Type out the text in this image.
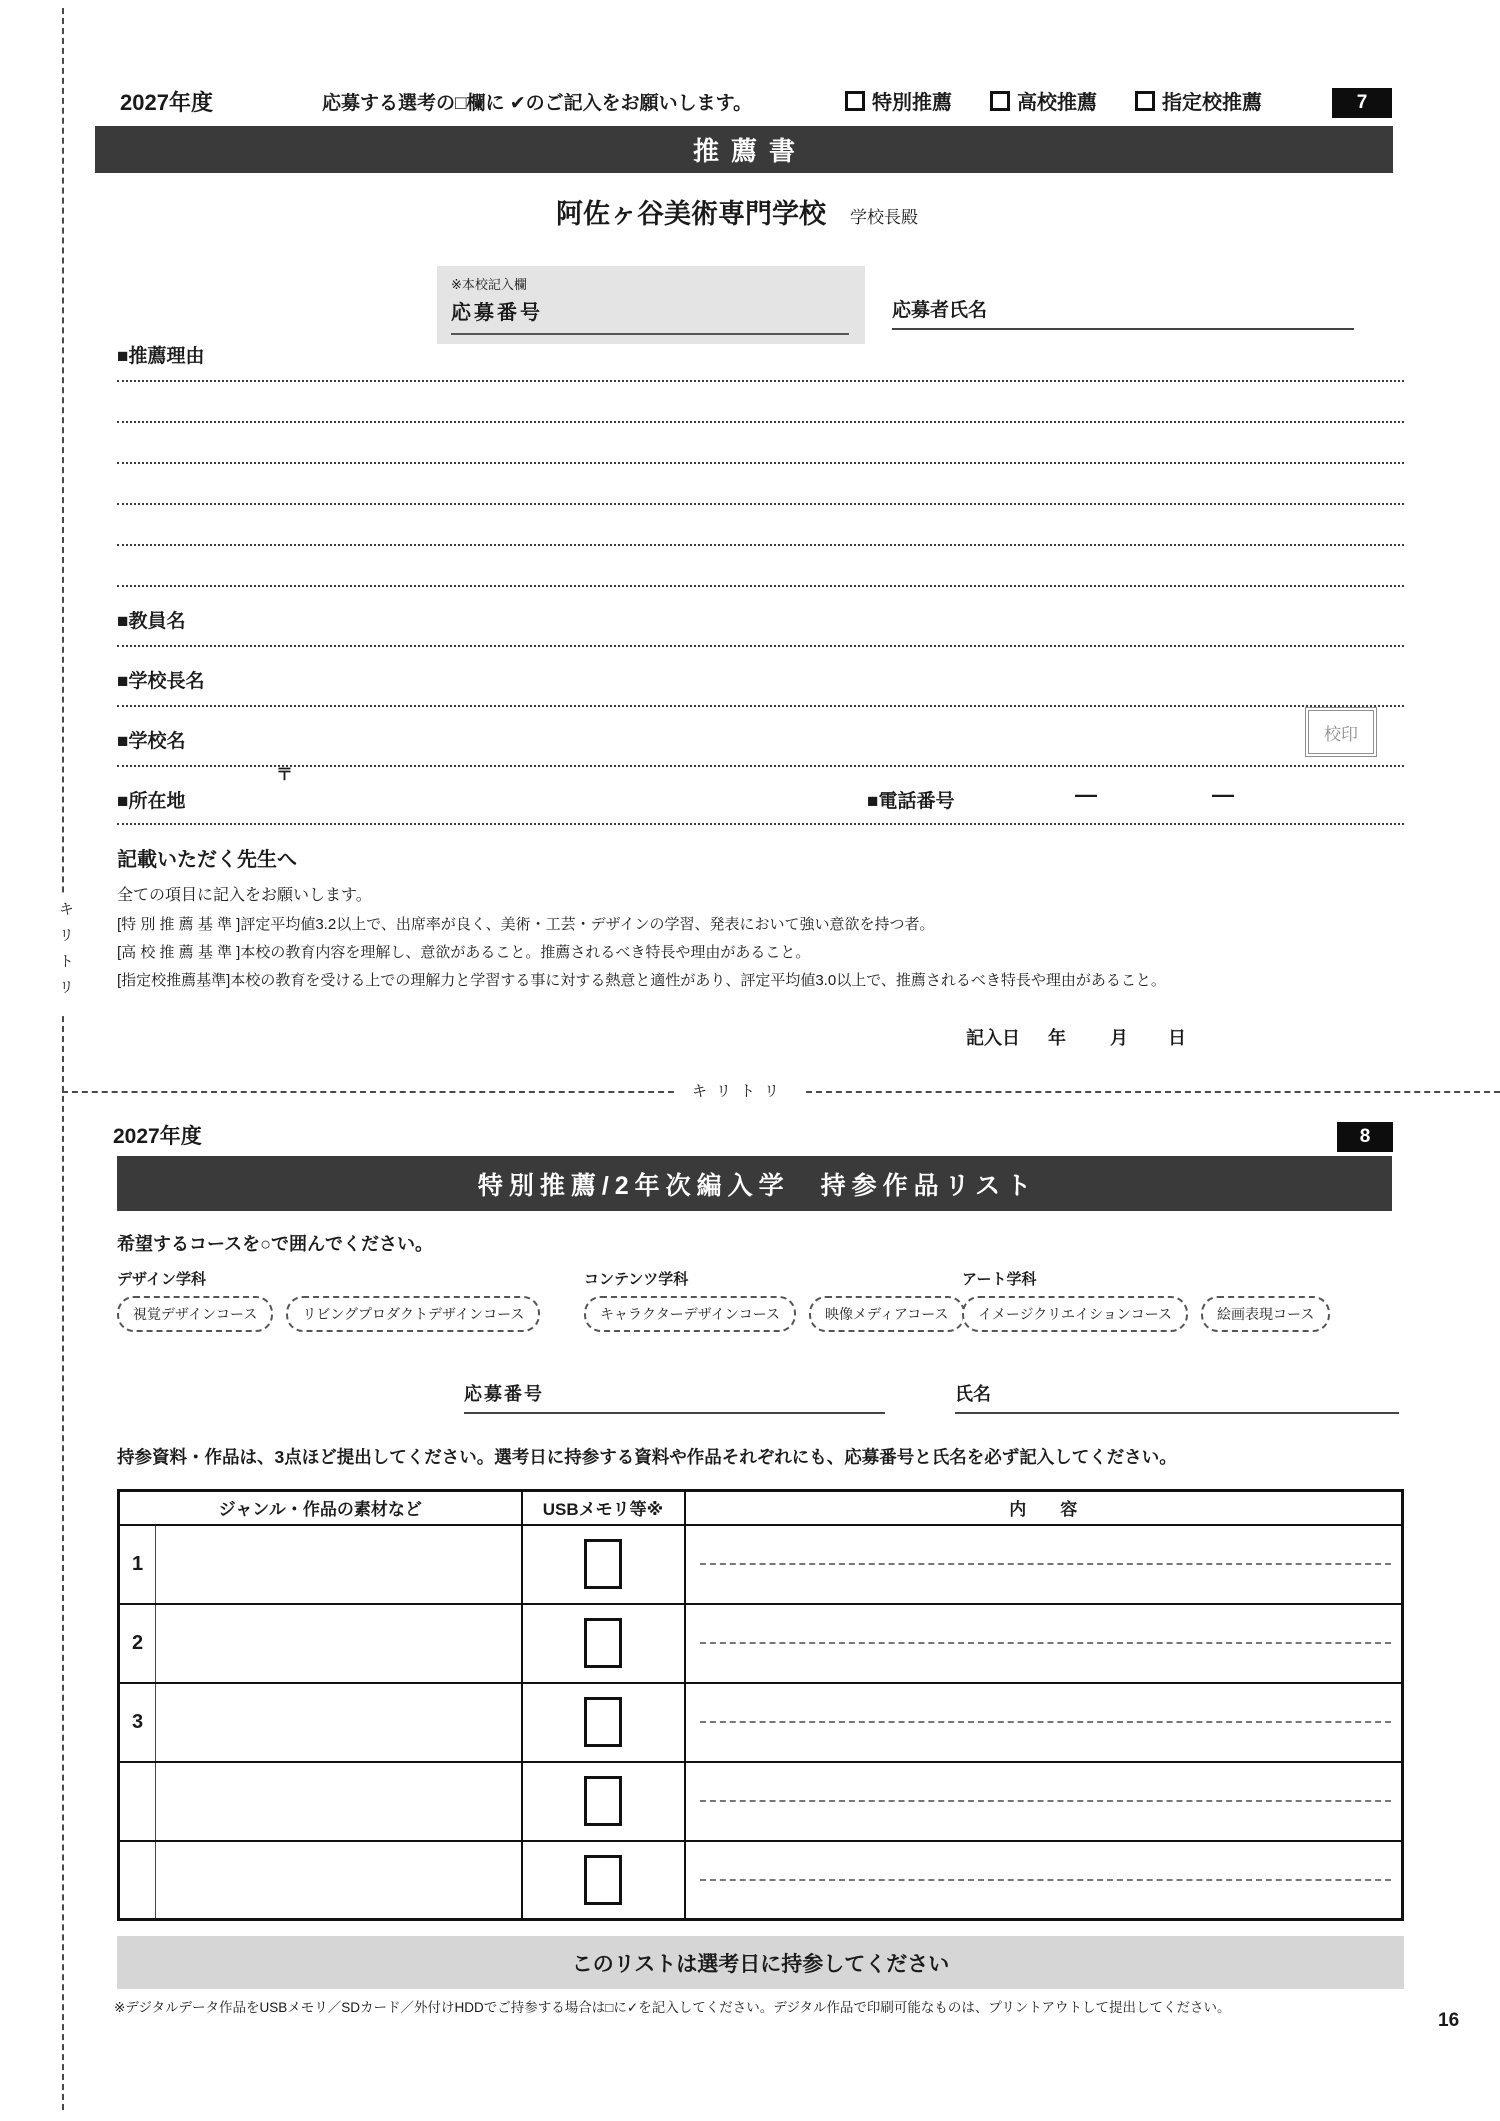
キリトリ
2027年度	応募する選考の□欄に ✔のご記入をお願いします。	特別推薦	高校推薦	指定校推薦	7
推薦書
阿佐ヶ谷美術専門学校 学校長殿
※本校記入欄
応募番号	応募者氏名
■推薦理由
■教員名
■学校長名
■学校名	校印
〒
■所在地	■電話番号	—	—
記載いただく先生へ
全ての項目に記入をお願いします。
[特 別 推 薦 基 準 ]評定平均値3.2以上で、出席率が良く、美術・工芸・デザインの学習、発表において強い意欲を持つ者。
[高 校 推 薦 基 準 ]本校の教育内容を理解し、意欲があること。推薦されるべき特長や理由があること。
[指定校推薦基準]本校の教育を受ける上での理解力と学習する事に対する熱意と適性があり、評定平均値3.0以上で、推薦されるべき特長や理由があること。
記入日 年 月 日
キリトリ
2027年度	8
特別推薦/2年次編入学　持参作品リスト
希望するコースを○で囲んでください。
デザイン学科
視覚デザインコース	リビングプロダクトデザインコース
コンテンツ学科
キャラクターデザインコース	映像メディアコース
アート学科
イメージクリエイションコース	絵画表現コース
応募番号	氏名
持参資料・作品は、3点ほど提出してください。選考日に持参する資料や作品それぞれにも、応募番号と氏名を必ず記入してください。
ジャンル・作品の素材など		USBメモリ等※	内　　容
1		

2		

3		

このリストは選考日に持参してください
※デジタルデータ作品をUSBメモリ／SDカード／外付けHDDでご持参する場合は□に✓を記入してください。デジタル作品で印刷可能なものは、プリントアウトして提出してください。
16
